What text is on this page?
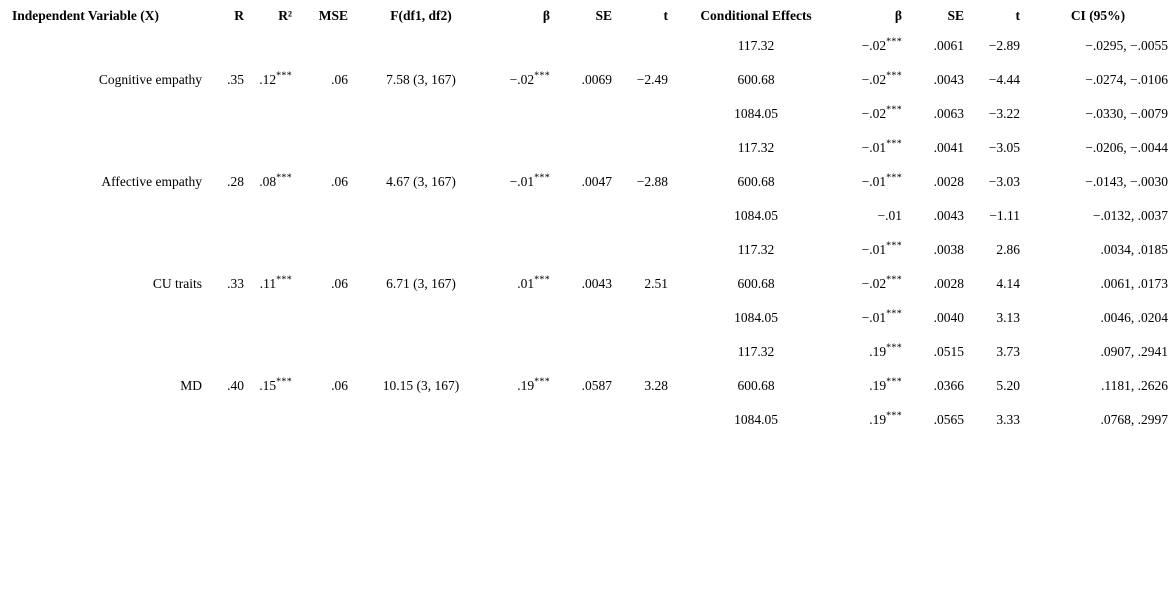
Independent Variable (X)	R	R²	MSE	F(df1, df2)	β	SE	t	Conditional Effects	β	SE	t	CI (95%)
Cognitive empathy	.35	.12***	.06	7.58 (3, 167)	−.02***	.0069	−2.49	117.32	−.02***	.0061	−2.89	−.0295, −.0055
								600.68	−.02***	.0043	−4.44	−.0274, −.0106
								1084.05	−.02***	.0063	−3.22	−.0330, −.0079
Affective empathy	.28	.08***	.06	4.67 (3, 167)	−.01***	.0047	−2.88	117.32	−.01***	.0041	−3.05	−.0206, −.0044
								600.68	−.01***	.0028	−3.03	−.0143, −.0030
								1084.05	−.01	.0043	−1.11	−.0132, .0037
CU traits	.33	.11***	.06	6.71 (3, 167)	.01***	.0043	2.51	117.32	−.01***	.0038	2.86	.0034, .0185
								600.68	−.02***	.0028	4.14	.0061, .0173
								1084.05	−.01***	.0040	3.13	.0046, .0204
MD	.40	.15***	.06	10.15 (3, 167)	.19***	.0587	3.28	117.32	.19***	.0515	3.73	.0907, .2941
								600.68	.19***	.0366	5.20	.1181, .2626
								1084.05	.19***	.0565	3.33	.0768, .2997
